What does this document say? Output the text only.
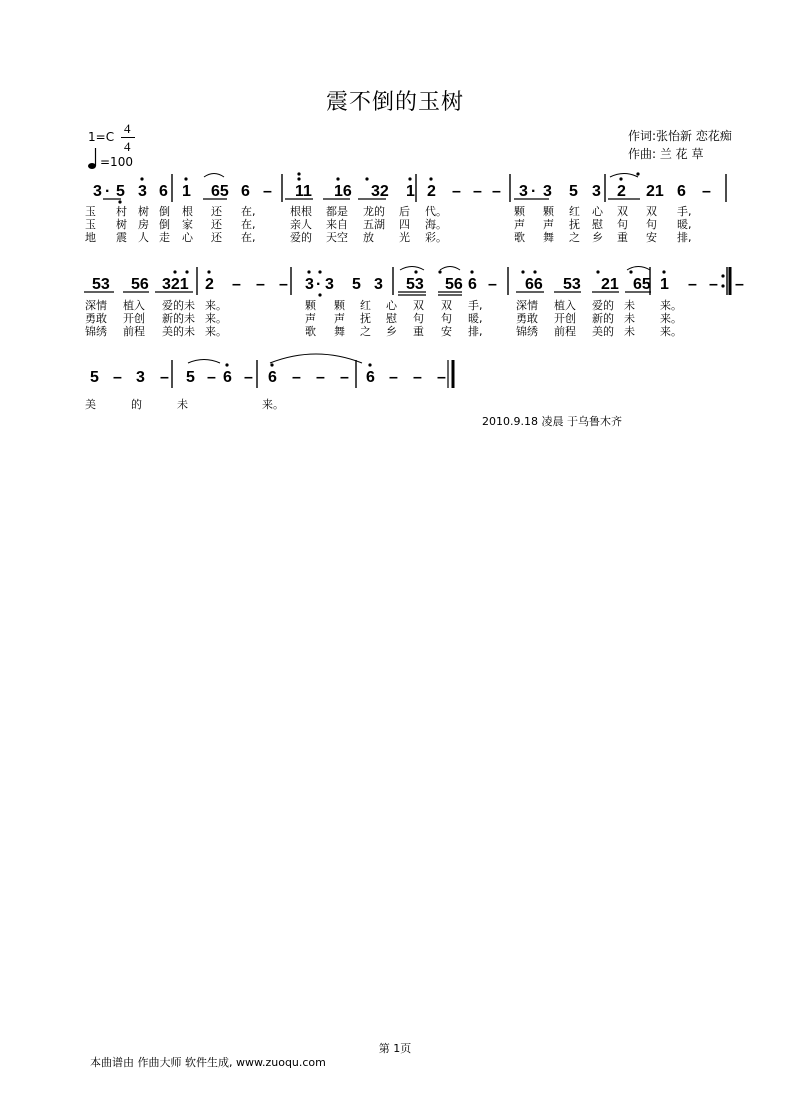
震不倒的玉树
1=C
4
4
=100
作词:张怡新 恋花痴
作曲: 兰 花 草
3 · 5 3 6 1 65 6 – 11 16 32 1 2 – – – 3 · 3 5 3 2 21 6 –
玉 村 树 倒 根 还 在,	根根 都是 龙的 后 代。	颗 颗 红 心 双 双 手,
玉 树 房 倒 家 还 在,	亲人 来自 五湖 四 海。	声 声 抚 慰 句 句 暖,
地 震 人 走 心 还 在,	爱的 天空 放 光 彩。	歌 舞 之 乡 重 安 排,
53 56 321 2 – – – 3 · 3 5 3 53 56 6 – 66 53 21 65 1 – – –
深情 植入 爱的未 来。	颗 颗 红 心 双 双 手,	深情 植入 爱的 未 来。
勇敢 开创 新的未 来。	声 声 抚 慰 句 句 暖,	勇敢 开创 新的 未 来。
锦绣 前程 美的未 来。	歌 舞 之 乡 重 安 排,	锦绣 前程 美的 未 来。
5 – 3 – 5 – 6 – 6 – – – 6 – – –
美	的	未	来。
2010.9.18 凌晨 于乌鲁木齐
第 1页
本曲谱由 作曲大师 软件生成, www.zuoqu.com
